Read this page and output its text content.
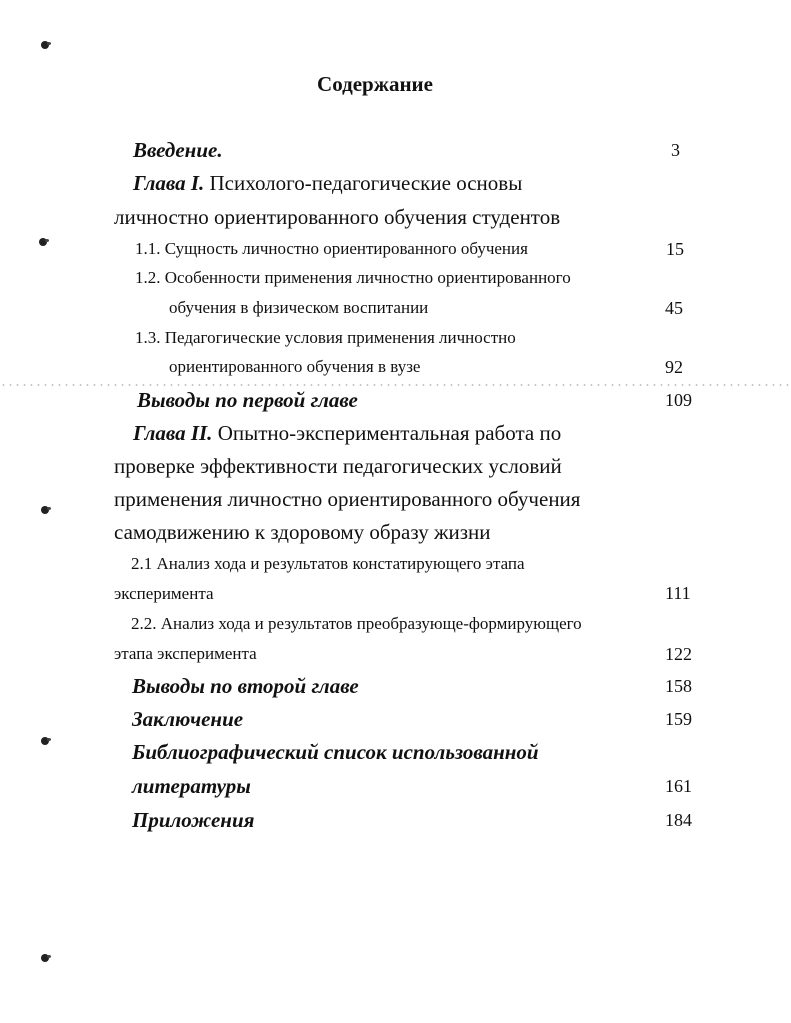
Содержание
Введение.	3
Глава I. Психолого-педагогические основы
личностно ориентированного обучения студентов
1.1. Сущность личностно ориентированного обучения	15
1.2. Особенности применения личностно ориентированного
обучения в физическом воспитании	45
1.3. Педагогические условия применения личностно
ориентированного обучения в вузе	92
Выводы по первой главе	109
Глава II. Опытно-экспериментальная работа по
проверке эффективности педагогических условий
применения личностно ориентированного обучения
самодвижению к здоровому образу жизни
2.1 Анализ хода и результатов констатирующего этапа
эксперимента	111
2.2. Анализ хода и результатов преобразующе-формирующего
этапа эксперимента	122
Выводы по второй главе	158
Заключение	159
Библиографический список использованной
литературы	161
Приложения	184
